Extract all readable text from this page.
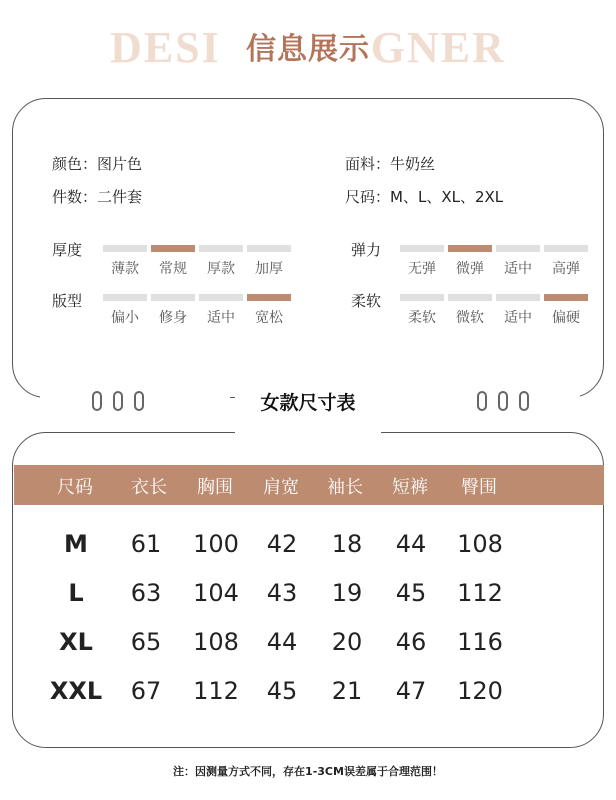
DESI	GNER
信息展示
颜色：图片色
件数：二件套
面料：牛奶丝
尺码：M、L、XL、2XL
厚度
薄款	常规	厚款	加厚
版型
偏小	修身	适中	宽松
弹力
无弹	微弹	适中	高弹
柔软
柔软	微软	适中	偏硬
女款尺寸表
尺码	衣长	胸围	肩宽	袖长	短裤	臀围
M	61	100	42	18	44	108
L	63	104	43	19	45	112
XL	65	108	44	20	46	116
XXL	67	112	45	21	47	120
注：因测量方式不同，存在1-3CM误差属于合理范围！
